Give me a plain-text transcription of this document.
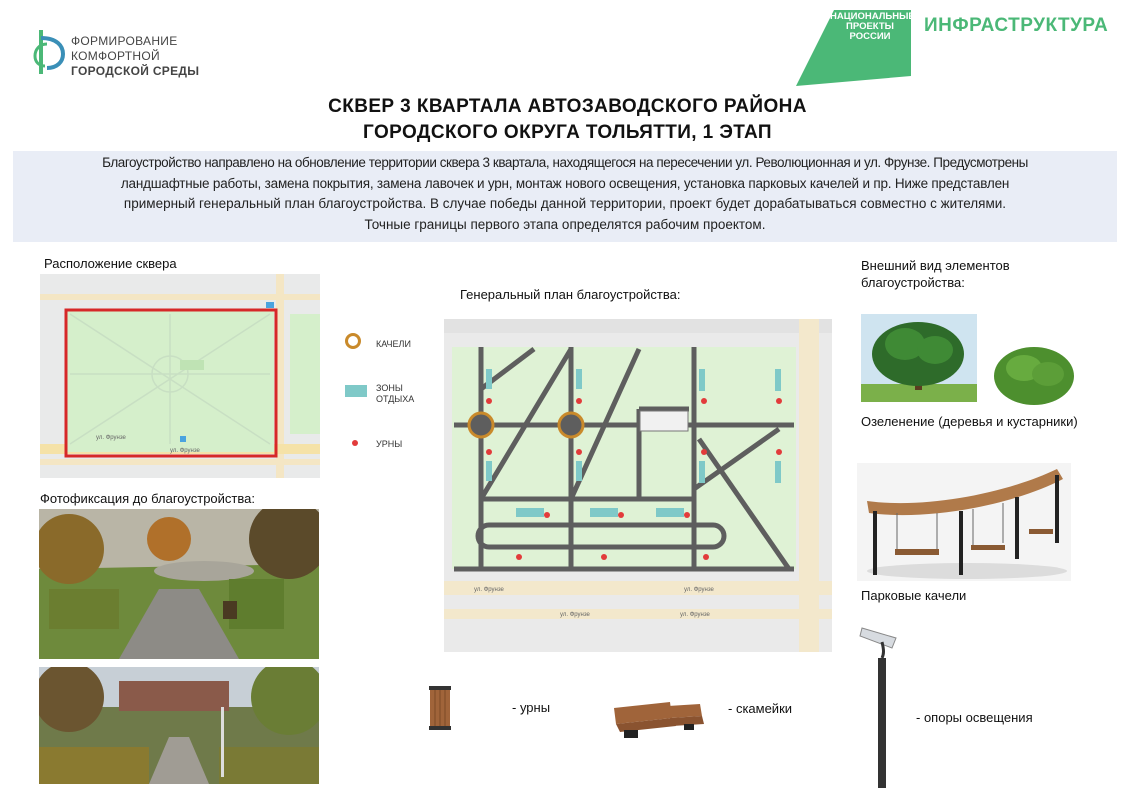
ФОРМИРОВАНИЕ
КОМФОРТНОЙ
ГОРОДСКОЙ СРЕДЫ
НАЦИОНАЛЬНЫЕ
ПРОЕКТЫ
РОССИИ
ИНФРАСТРУКТУРА
СКВЕР 3 КВАРТАЛА АВТОЗАВОДСКОГО РАЙОНА
ГОРОДСКОГО ОКРУГА ТОЛЬЯТТИ, 1 ЭТАП
Благоустройство направлено на обновление территории сквера 3 квартала, находящегося на пересечении ул. Революционная и ул. Фрунзе. Предусмотрены
ландшафтные работы, замена покрытия, замена лавочек и урн, монтаж нового освещения, установка парковых качелей и пр. Ниже представлен
примерный генеральный план благоустройства. В случае победы данной территории, проект будет дорабатываться совместно с жителями.
Точные границы первого этапа определятся рабочим проектом.
Расположение сквера
ул. Фрунзе
ул. Фрунзе
Фотофиксация до благоустройства:
КАЧЕЛИ
ЗОНЫ
ОТДЫХА
УРНЫ
Генеральный план благоустройства:
ул. Фрунзе	ул. Фрунзе
ул. Фрунзе	ул. Фрунзе
- урны	- скамейки
Внешний вид элементов
благоустройства:
Озеленение (деревья и кустарники)
Парковые качели
- опоры освещения
